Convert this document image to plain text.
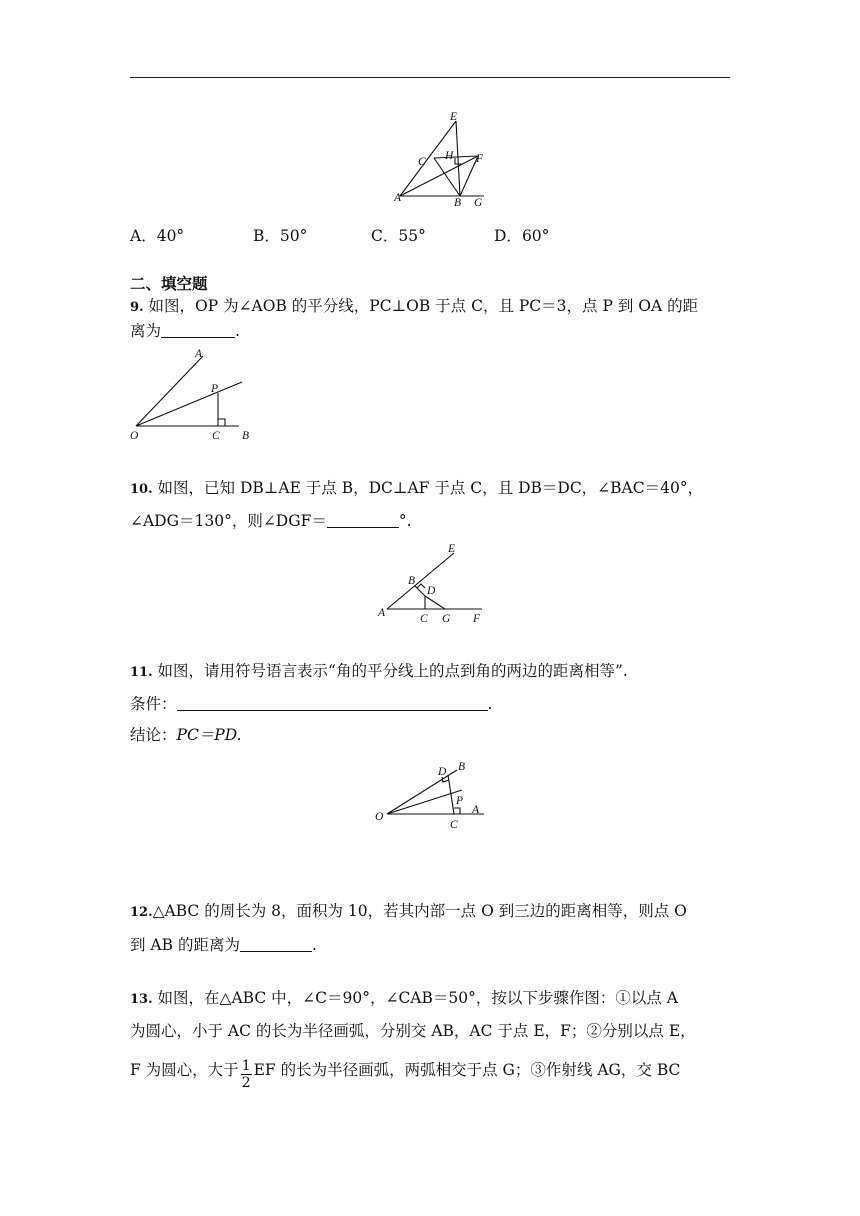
E
C H F
A	B G
A．40°	B．50°	C．55°	D．60°
二、填空题
9. 如图，OP 为∠AOB 的平分线，PC⊥OB 于点 C，且 PC＝3，点 P 到 OA 的距
离为	.
A
P
O	C B
10. 如图，已知 DB⊥AE 于点 B，DC⊥AF 于点 C，且 DB＝DC，∠BAC＝40°，
∠ADG＝130°，则∠DGF＝	°.
E
B
D
A	C G F
11. 如图，请用符号语言表示“角的平分线上的点到角的两边的距离相等”.
条件：	.
结论：PC＝PD.
D B
P
A
O
C
12.△ABC 的周长为 8，面积为 10，若其内部一点 O 到三边的距离相等，则点 O
到 AB 的距离为	.
13. 如图，在△ABC 中，∠C＝90°，∠CAB＝50°，按以下步骤作图：①以点 A
为圆心，小于 AC 的长为半径画弧，分别交 AB，AC 于点 E，F；②分别以点 E，
F 为圆心，大于 $\frac{1}{2}$ EF 的长为半径画弧，两弧相交于点 G；③作射线 AG，交 BC
